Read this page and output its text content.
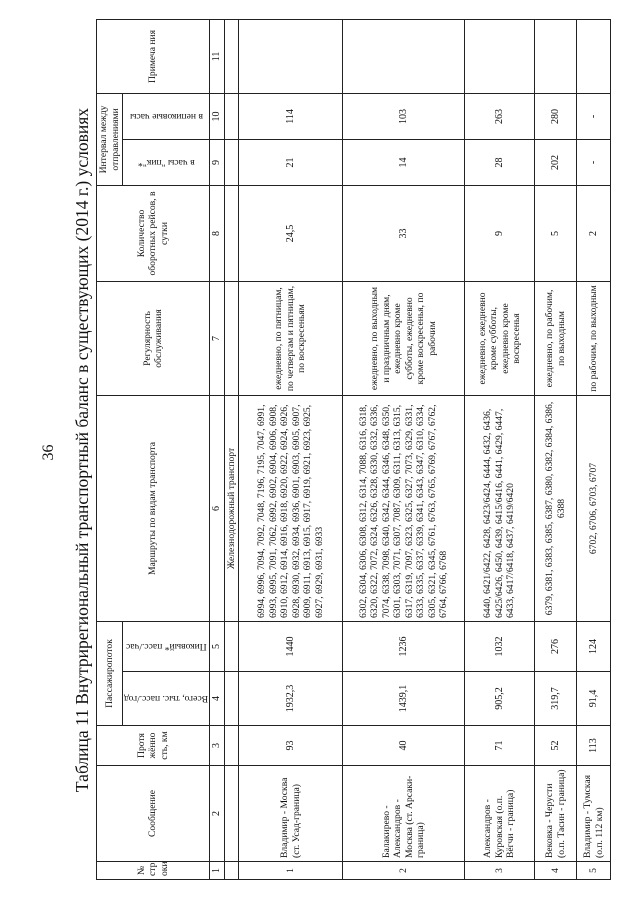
Таблица 11 Внутрирегиональный транспортный баланс в существующих (2014 г.) условиях
№ стр оки	Сообщение	Протя жённо сть, км	Пассажиропоток		Маршруты по видам транспорта	Регулярность обслуживания	Количество оборотных рейсов, в сутки	Интервал между отправлениями		Примеча ния

			Всего, тыс. пасс./год	Пиковый* пасс./час				в часы "пик"*	в непиковые часы	

1	2	3	4	5	6	7	8	9	10	11
					Железнодорожный транспорт					
1	Владимир - Москва (ст. Усад-граница)	93	1932,3	1440	6994, 6996, 7094, 7092, 7048, 7196, 7195, 7047, 6991, 6993, 6995, 7091, 7062, 6992, 6902, 6904, 6906, 6908, 6910, 6912, 6914, 6916, 6918, 6920, 6922, 6924, 6926, 6928, 6930, 6932, 6934, 6936, 6901, 6903, 6905, 6907, 6909, 6911, 6913, 6915, 6917, 6919, 6921, 6923, 6925, 6927, 6929, 6931, 6933	ежедневно, по пятницам, по четвергам и пятницам, по воскресеньям	24,5	21	114	
2	Балакирево - Александров - Москва (ст. Арсаки-граница)	40	1439,1	1236	6302, 6304, 6306, 6308, 6312, 6314, 7088, 6316, 6318, 6320, 6322, 7072, 6324, 6326, 6328, 6330, 6332, 6336, 7074, 6338, 7098, 6340, 6342, 6344, 6346, 6348, 6350, 6301, 6303, 7071, 6307, 7087, 6309, 6311, 6313, 6315, 6317, 6319, 7097, 6323, 6325, 6327, 7073, 6329, 6331, 6333, 6335, 6337, 6339, 6341, 6343, 6347, 6310, 6334, 6305, 6321, 6345, 6761, 6763, 6765, 6769, 6767, 6762, 6764, 6766, 6768	ежедневно, по выходным и праздничным дням, ежедневно кроме субботы, ежедневно кроме воскресенья, по рабочим	33	14	103	
3	Александров - Куровская (о.п. Вёгчи - граница)	71	905,2	1032	6440, 6421/6422, 6428, 6423/6424, 6444, 6432, 6436, 6425/6426, 6450, 6439, 6415/6416, 6441, 6429, 6447, 6433, 6417/6418, 6437, 6419/6420	ежедневно, ежедневно кроме субботы, ежедневно кроме воскресенья	9	28	263	
4	Вековка - Черусти (о.п. Тасин - граница)	52	319,7	276	6379, 6381, 6383, 6385, 6387, 6380, 6382, 6384, 6386, 6388	ежедневно, по рабочим, по выходным	5	202	280	
5	Владимир - Тумская (о.п. 112 км)	113	91,4	124	6702, 6706, 6703, 6707	по рабочим, по выходным	2	-	-	
36
